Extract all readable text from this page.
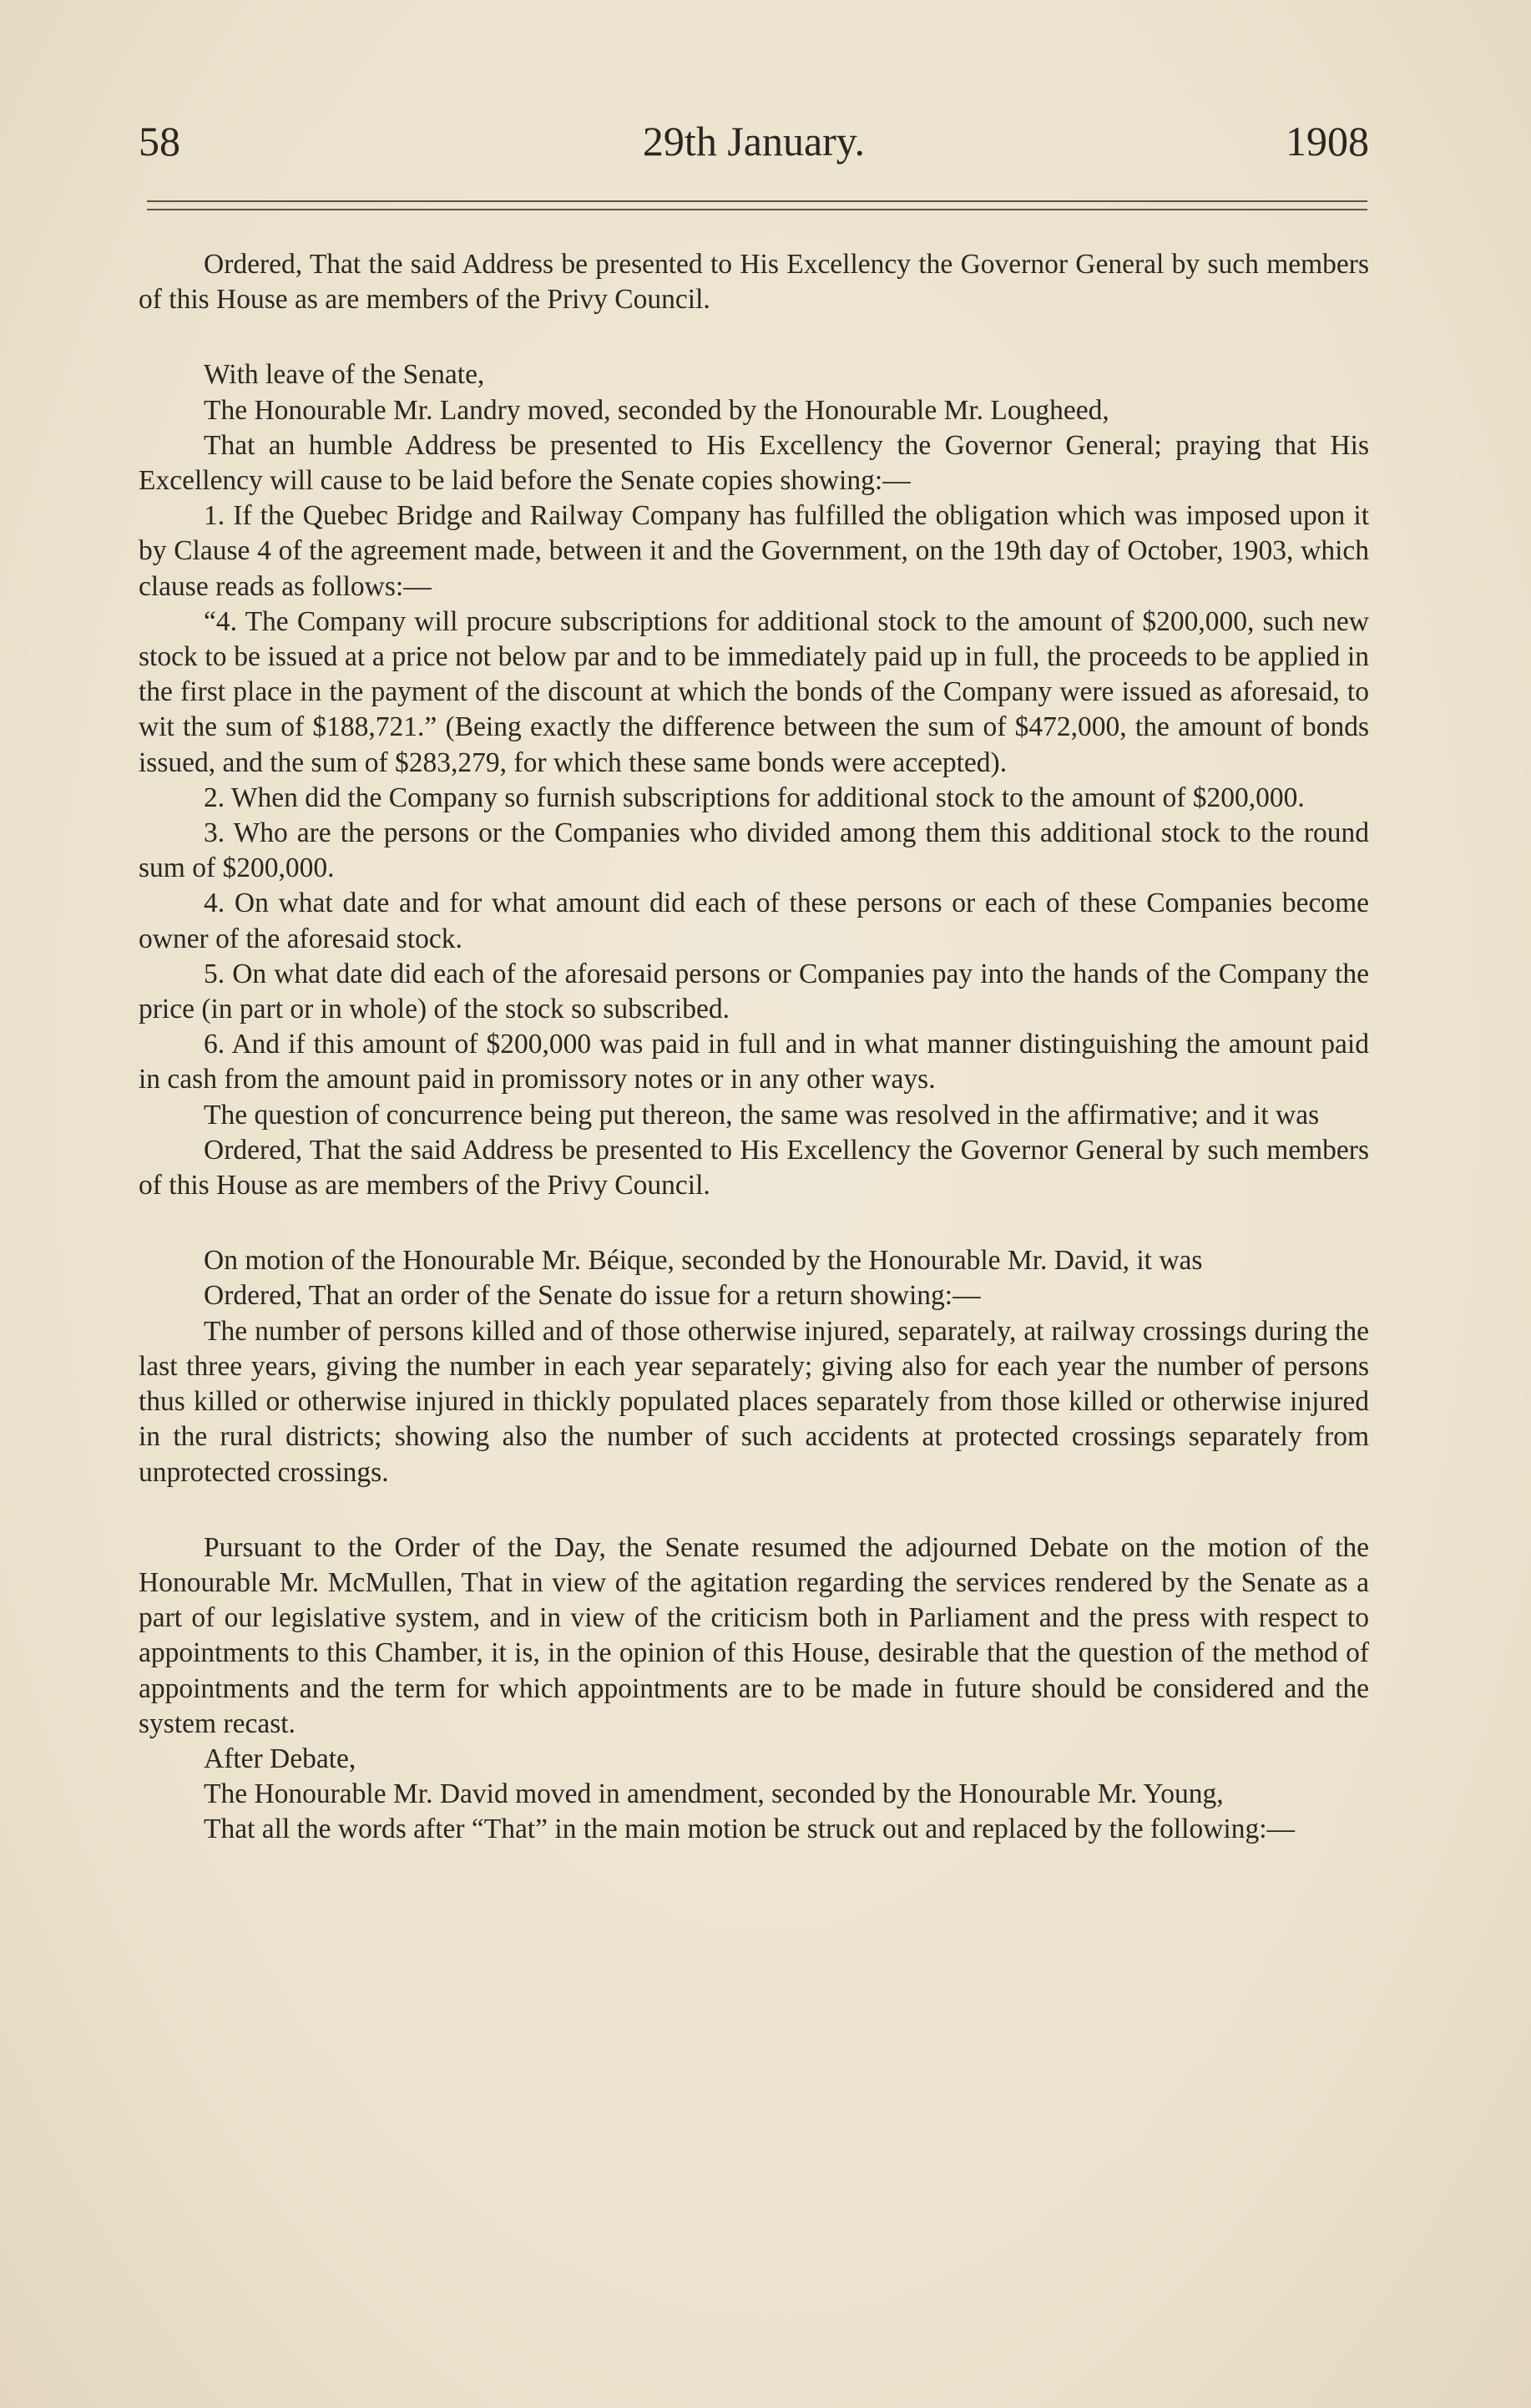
58	29th January.	1908

Ordered, That the said Address be presented to His Excellency the Governor General by such members of this House as are members of the Privy Council.

With leave of the Senate,

The Honourable Mr. Landry moved, seconded by the Honourable Mr. Lougheed,

That an humble Address be presented to His Excellency the Governor General; praying that His Excellency will cause to be laid before the Senate copies showing:—

1. If the Quebec Bridge and Railway Company has fulfilled the obligation which was imposed upon it by Clause 4 of the agreement made, between it and the Government, on the 19th day of October, 1903, which clause reads as follows:—

“4. The Company will procure subscriptions for additional stock to the amount of $200,000, such new stock to be issued at a price not below par and to be immediately paid up in full, the proceeds to be applied in the first place in the payment of the discount at which the bonds of the Company were issued as aforesaid, to wit the sum of $188,721.” (Being exactly the difference between the sum of $472,000, the amount of bonds issued, and the sum of $283,279, for which these same bonds were accepted).

2. When did the Company so furnish subscriptions for additional stock to the amount of $200,000.

3. Who are the persons or the Companies who divided among them this additional stock to the round sum of $200,000.

4. On what date and for what amount did each of these persons or each of these Companies become owner of the aforesaid stock.

5. On what date did each of the aforesaid persons or Companies pay into the hands of the Company the price (in part or in whole) of the stock so subscribed.

6. And if this amount of $200,000 was paid in full and in what manner distinguishing the amount paid in cash from the amount paid in promissory notes or in any other ways.

The question of concurrence being put thereon, the same was resolved in the affirmative; and it was

Ordered, That the said Address be presented to His Excellency the Governor General by such members of this House as are members of the Privy Council.

On motion of the Honourable Mr. Béique, seconded by the Honourable Mr. David, it was

Ordered, That an order of the Senate do issue for a return showing:—

The number of persons killed and of those otherwise injured, separately, at railway crossings during the last three years, giving the number in each year separately; giving also for each year the number of persons thus killed or otherwise injured in thickly populated places separately from those killed or otherwise injured in the rural districts; showing also the number of such accidents at protected crossings separately from unprotected crossings.

Pursuant to the Order of the Day, the Senate resumed the adjourned Debate on the motion of the Honourable Mr. McMullen, That in view of the agitation regarding the services rendered by the Senate as a part of our legislative system, and in view of the criticism both in Parliament and the press with respect to appointments to this Chamber, it is, in the opinion of this House, desirable that the question of the method of appointments and the term for which appointments are to be made in future should be considered and the system recast.

After Debate,

The Honourable Mr. David moved in amendment, seconded by the Honourable Mr. Young,

That all the words after “That” in the main motion be struck out and replaced by the following:—
